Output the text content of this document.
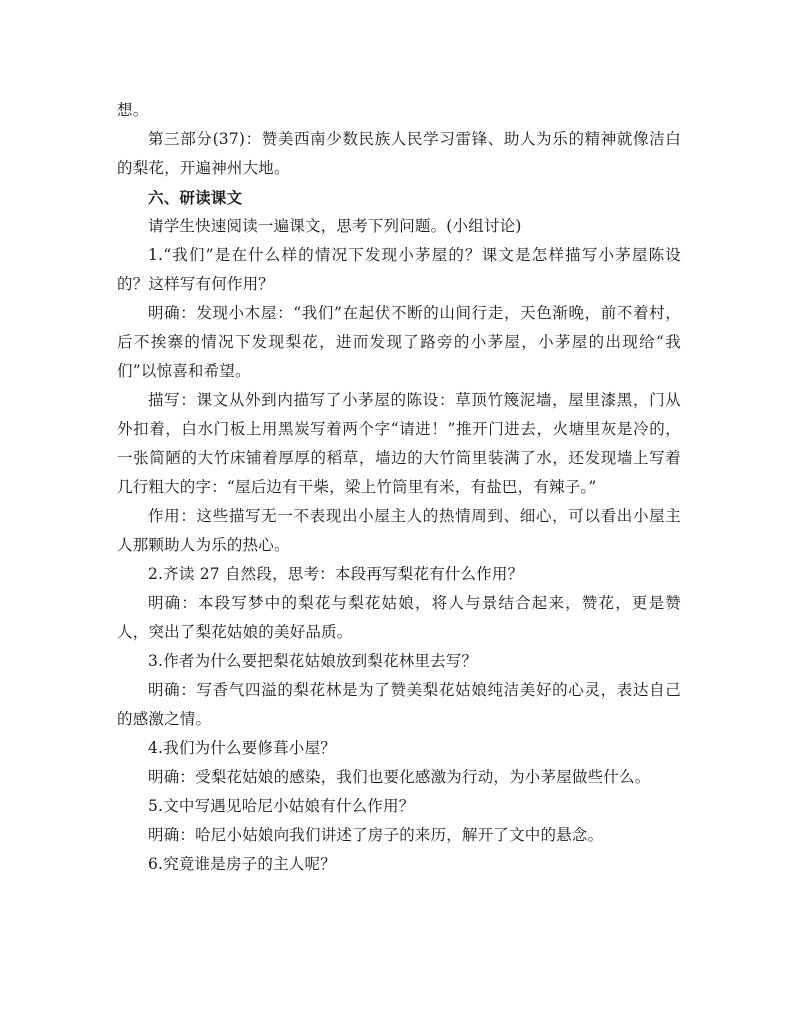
想。

第三部分(37)：赞美西南少数民族人民学习雷锋、助人为乐的精神就像洁白的梨花，开遍神州大地。

六、研读课文

请学生快速阅读一遍课文，思考下列问题。(小组讨论)

1.“我们”是在什么样的情况下发现小茅屋的？课文是怎样描写小茅屋陈设的？这样写有何作用？

明确：发现小木屋：“我们”在起伏不断的山间行走，天色渐晚，前不着村，后不挨寨的情况下发现梨花，进而发现了路旁的小茅屋，小茅屋的出现给“我们”以惊喜和希望。

描写：课文从外到内描写了小茅屋的陈设：草顶竹篾泥墙，屋里漆黑，门从外扣着，白水门板上用黑炭写着两个字“请进！”推开门进去，火塘里灰是冷的，一张简陋的大竹床铺着厚厚的稻草，墙边的大竹筒里装满了水，还发现墙上写着几行粗大的字：“屋后边有干柴，梁上竹筒里有米，有盐巴，有辣子。”

作用：这些描写无一不表现出小屋主人的热情周到、细心，可以看出小屋主人那颗助人为乐的热心。

2.齐读 27 自然段，思考：本段再写梨花有什么作用？

明确：本段写梦中的梨花与梨花姑娘，将人与景结合起来，赞花，更是赞人，突出了梨花姑娘的美好品质。

3.作者为什么要把梨花姑娘放到梨花林里去写？

明确：写香气四溢的梨花林是为了赞美梨花姑娘纯洁美好的心灵，表达自己的感激之情。

4.我们为什么要修葺小屋？

明确：受梨花姑娘的感染，我们也要化感激为行动，为小茅屋做些什么。

5.文中写遇见哈尼小姑娘有什么作用？

明确：哈尼小姑娘向我们讲述了房子的来历，解开了文中的悬念。

6.究竟谁是房子的主人呢？
